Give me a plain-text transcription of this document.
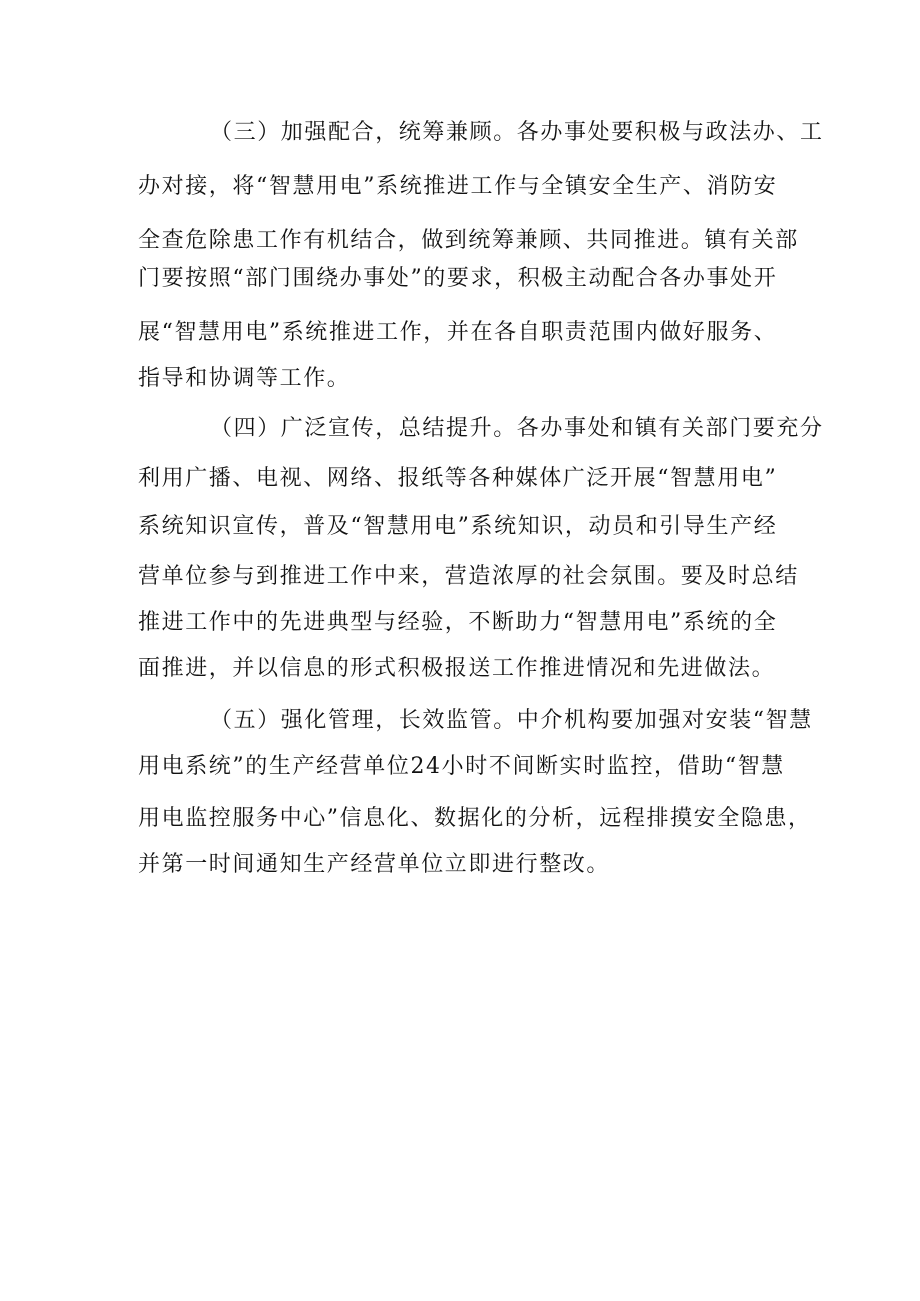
（三）加强配合，统筹兼顾。各办事处要积极与政法办、工
办对接，将“智慧用电”系统推进工作与全镇安全生产、消防安
全查危除患工作有机结合，做到统筹兼顾、共同推进。镇有关部
门要按照“部门围绕办事处”的要求，积极主动配合各办事处开
展“智慧用电”系统推进工作，并在各自职责范围内做好服务、
指导和协调等工作。
（四）广泛宣传，总结提升。各办事处和镇有关部门要充分
利用广播、电视、网络、报纸等各种媒体广泛开展“智慧用电”
系统知识宣传，普及“智慧用电”系统知识，动员和引导生产经
营单位参与到推进工作中来，营造浓厚的社会氛围。要及时总结
推进工作中的先进典型与经验，不断助力“智慧用电”系统的全
面推进，并以信息的形式积极报送工作推进情况和先进做法。
（五）强化管理，长效监管。中介机构要加强对安装“智慧
用电系统”的生产经营单位24小时不间断实时监控，借助“智慧
用电监控服务中心”信息化、数据化的分析，远程排摸安全隐患，
并第一时间通知生产经营单位立即进行整改。
